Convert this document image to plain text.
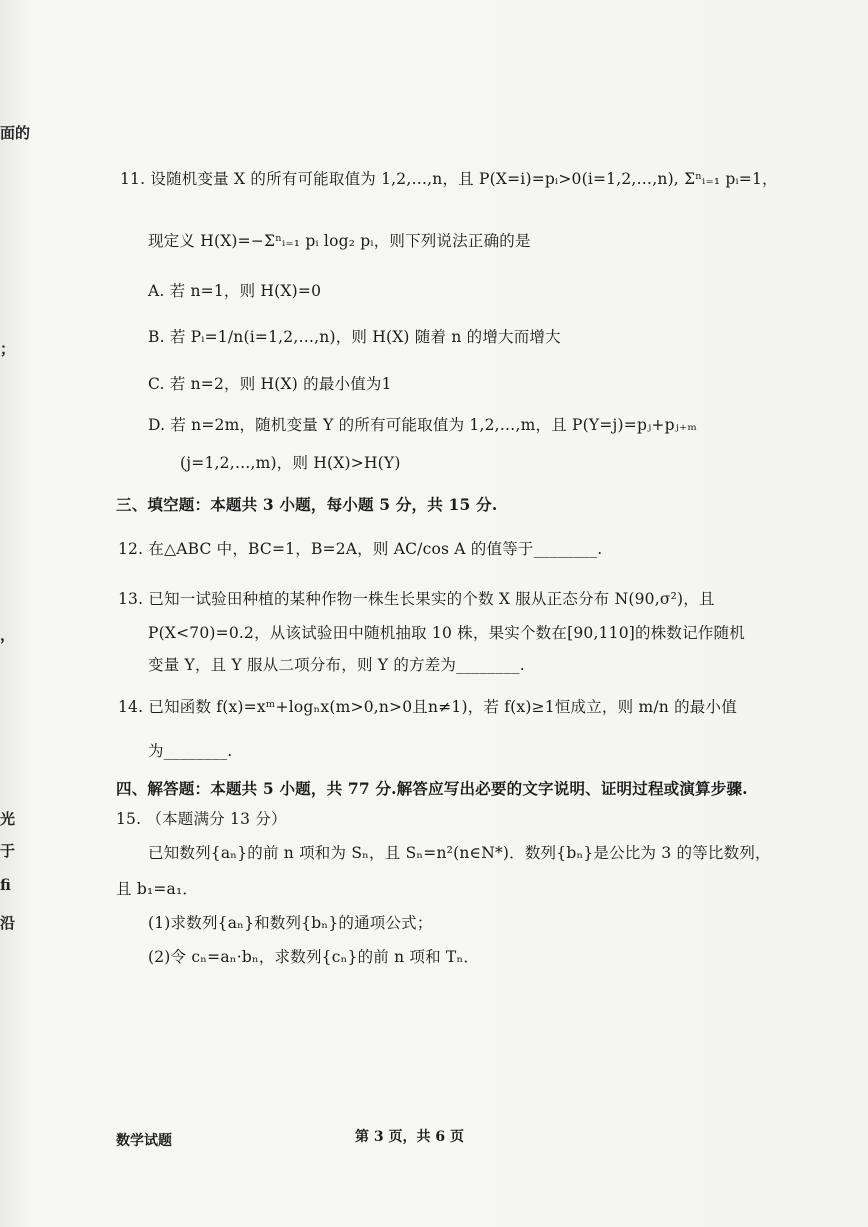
面的
；
，
光
于
fi
沿
11. 设随机变量 X 的所有可能取值为 1,2,…,n，且 P(X=i)=pᵢ>0(i=1,2,…,n), Σⁿᵢ₌₁ pᵢ=1，
现定义 H(X)=−Σⁿᵢ₌₁ pᵢ log₂ pᵢ，则下列说法正确的是
A. 若 n=1，则 H(X)=0
B. 若 Pᵢ=1/n(i=1,2,…,n)，则 H(X) 随着 n 的增大而增大
C. 若 n=2，则 H(X) 的最小值为1
D. 若 n=2m，随机变量 Y 的所有可能取值为 1,2,…,m，且 P(Y=j)=pⱼ+pⱼ₊ₘ
(j=1,2,…,m)，则 H(X)>H(Y)
三、填空题：本题共 3 小题，每小题 5 分，共 15 分.
12. 在△ABC 中，BC=1，B=2A，则 AC/cos A 的值等于________.
13. 已知一试验田种植的某种作物一株生长果实的个数 X 服从正态分布 N(90,σ²)，且
P(X<70)=0.2，从该试验田中随机抽取 10 株，果实个数在[90,110]的株数记作随机
变量 Y，且 Y 服从二项分布，则 Y 的方差为________.
14. 已知函数 f(x)=xᵐ+logₙx(m>0,n>0且n≠1)，若 f(x)≥1恒成立，则 m/n 的最小值
为________.
四、解答题：本题共 5 小题，共 77 分.解答应写出必要的文字说明、证明过程或演算步骤.
15. （本题满分 13 分）
已知数列{aₙ}的前 n 项和为 Sₙ，且 Sₙ=n²(n∈N*)．数列{bₙ}是公比为 3 的等比数列，
且 b₁=a₁．
(1)求数列{aₙ}和数列{bₙ}的通项公式；
(2)令 cₙ=aₙ·bₙ，求数列{cₙ}的前 n 项和 Tₙ．
数学试题	第 3 页，共 6 页
